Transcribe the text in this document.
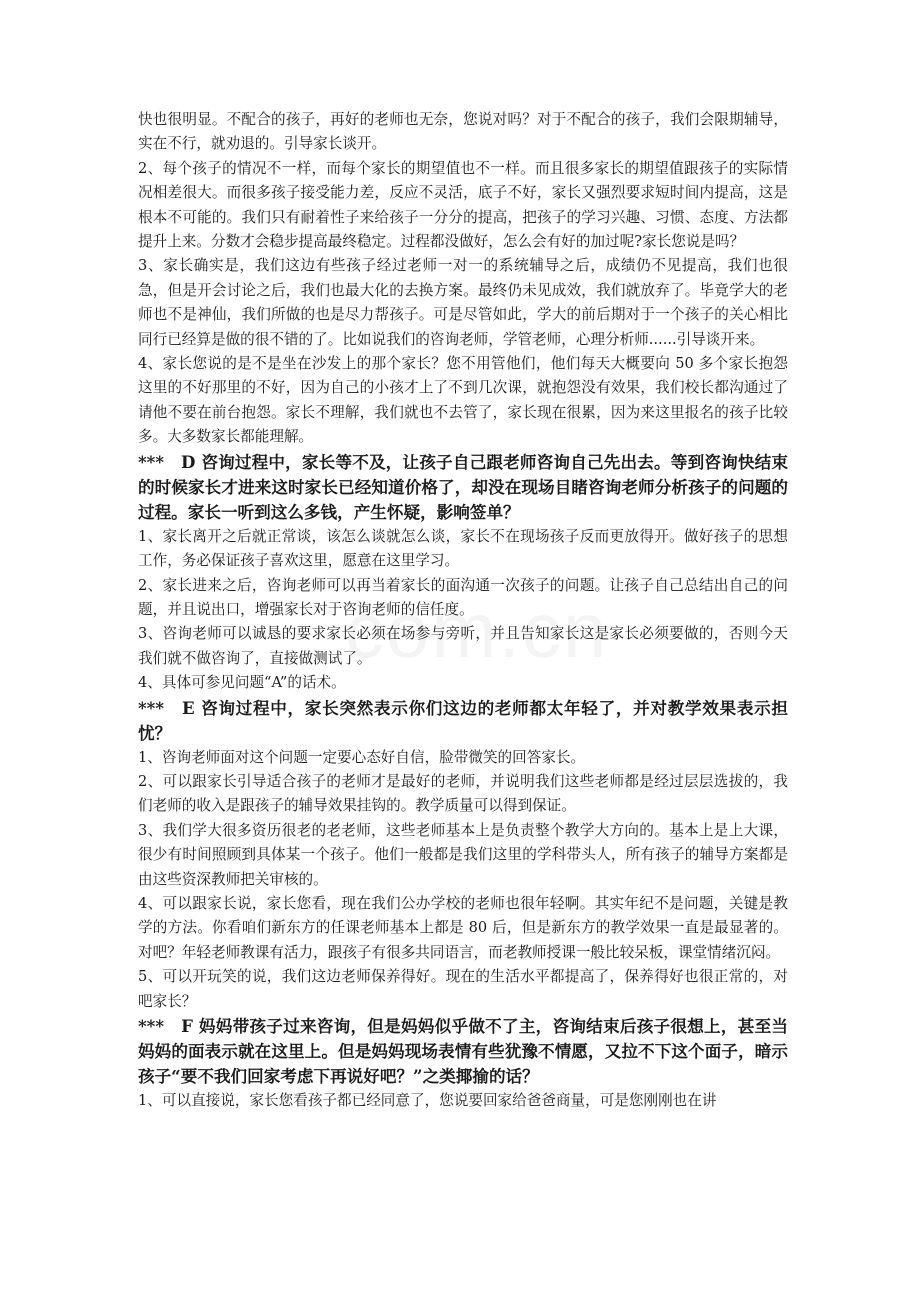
快也很明显。不配合的孩子，再好的老师也无奈，您说对吗？对于不配合的孩子，我们会限期辅导，实在不行，就劝退的。引导家长谈开。

2、每个孩子的情况不一样，而每个家长的期望值也不一样。而且很多家长的期望值跟孩子的实际情况相差很大。而很多孩子接受能力差，反应不灵活，底子不好，家长又强烈要求短时间内提高，这是根本不可能的。我们只有耐着性子来给孩子一分分的提高，把孩子的学习兴趣、习惯、态度、方法都提升上来。分数才会稳步提高最终稳定。过程都没做好，怎么会有好的加过呢?家长您说是吗？

3、家长确实是，我们这边有些孩子经过老师一对一的系统辅导之后，成绩仍不见提高，我们也很急，但是开会讨论之后，我们也最大化的去换方案。最终仍未见成效，我们就放弃了。毕竟学大的老师也不是神仙，我们所做的也是尽力帮孩子。可是尽管如此，学大的前后期对于一个孩子的关心相比同行已经算是做的很不错的了。比如说我们的咨询老师，学管老师，心理分析师......引导谈开来。

4、家长您说的是不是坐在沙发上的那个家长？您不用管他们，他们每天大概要向 50 多个家长抱怨这里的不好那里的不好，因为自己的小孩才上了不到几次课，就抱怨没有效果，我们校长都沟通过了请他不要在前台抱怨。家长不理解，我们就也不去管了，家长现在很累，因为来这里报名的孩子比较多。大多数家长都能理解。

***　D 咨询过程中，家长等不及，让孩子自己跟老师咨询自己先出去。等到咨询快结束的时候家长才进来这时家长已经知道价格了，却没在现场目睹咨询老师分析孩子的问题的过程。家长一听到这么多钱，产生怀疑，影响签单？

1、家长离开之后就正常谈，该怎么谈就怎么谈，家长不在现场孩子反而更放得开。做好孩子的思想工作，务必保证孩子喜欢这里，愿意在这里学习。

2、家长进来之后，咨询老师可以再当着家长的面沟通一次孩子的问题。让孩子自己总结出自己的问题，并且说出口，增强家长对于咨询老师的信任度。

3、咨询老师可以诚恳的要求家长必须在场参与旁听，并且告知家长这是家长必须要做的，否则今天我们就不做咨询了，直接做测试了。

4、具体可参见问题“A”的话术。

***　E 咨询过程中，家长突然表示你们这边的老师都太年轻了，并对教学效果表示担忧？

1、咨询老师面对这个问题一定要心态好自信，脸带微笑的回答家长。

2、可以跟家长引导适合孩子的老师才是最好的老师，并说明我们这些老师都是经过层层选拔的，我们老师的收入是跟孩子的辅导效果挂钩的。教学质量可以得到保证。

3、我们学大很多资历很老的老老师，这些老师基本上是负责整个教学大方向的。基本上是上大课，很少有时间照顾到具体某一个孩子。他们一般都是我们这里的学科带头人，所有孩子的辅导方案都是由这些资深教师把关审核的。

4、可以跟家长说，家长您看，现在我们公办学校的老师也很年轻啊。其实年纪不是问题，关键是教学的方法。你看咱们新东方的任课老师基本上都是 80 后，但是新东方的教学效果一直是最显著的。对吧？年轻老师教课有活力，跟孩子有很多共同语言，而老教师授课一般比较呆板，课堂情绪沉闷。

5、可以开玩笑的说，我们这边老师保养得好。现在的生活水平都提高了，保养得好也很正常的，对吧家长？

***　F 妈妈带孩子过来咨询，但是妈妈似乎做不了主，咨询结束后孩子很想上，甚至当妈妈的面表示就在这里上。但是妈妈现场表情有些犹豫不情愿，又拉不下这个面子，暗示孩子“要不我们回家考虑下再说好吧？”之类揶揄的话？

1、可以直接说，家长您看孩子都已经同意了，您说要回家给爸爸商量，可是您刚刚也在讲
